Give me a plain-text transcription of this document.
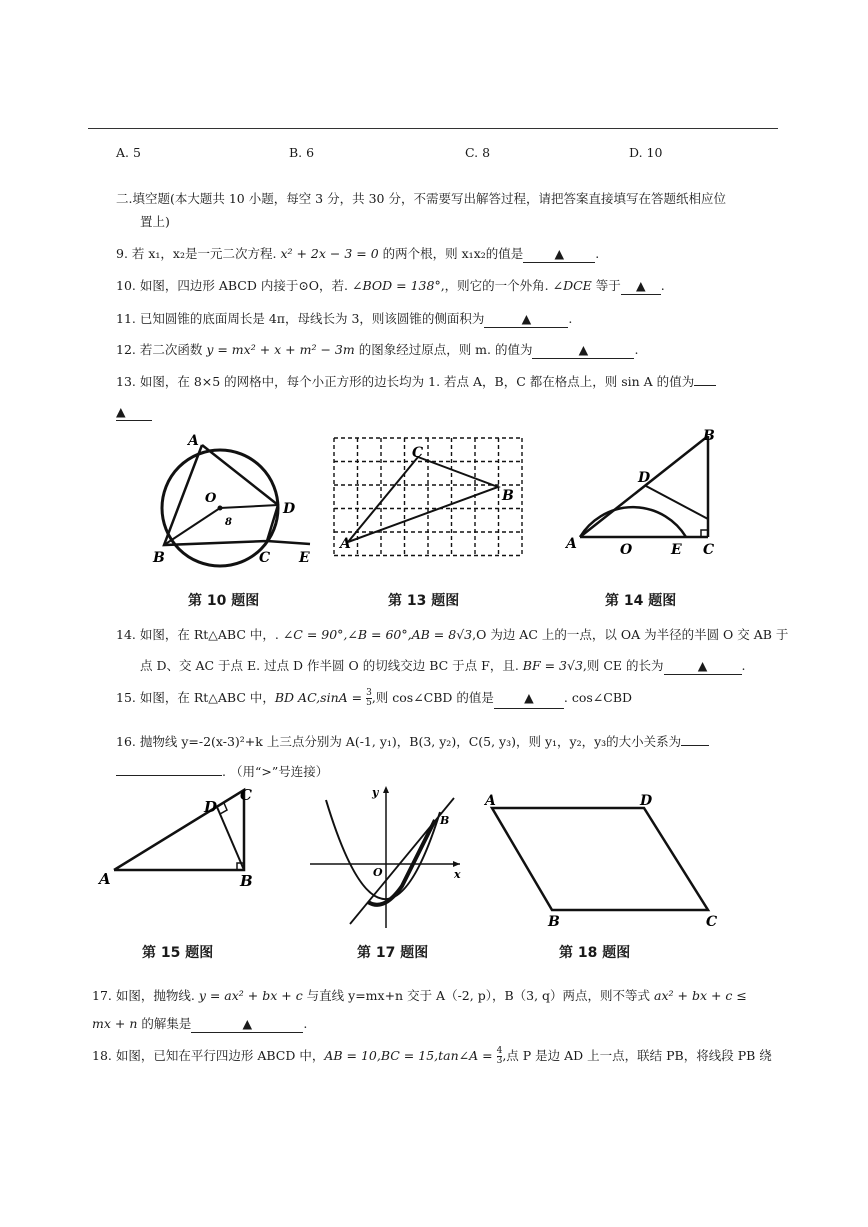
A. 5	B. 6	C. 8	D. 10
二.填空题(本大题共 10 小题，每空 3 分，共 30 分，不需要写出解答过程，请把答案直接填写在答题纸相应位
置上)
9. 若 x₁，x₂是一元二次方程. x² + 2x − 3 = 0 的两个根，则 x₁x₂的值是 ▲ .
10. 如图，四边形 ABCD 内接于⊙O，若. ∠BOD = 138°,，则它的一个外角. ∠DCE 等于 ▲ .
11. 已知圆锥的底面周长是 4π，母线长为 3，则该圆锥的侧面积为	▲	.
12. 若二次函数 y = mx² + x + m² − 3m 的图象经过原点，则 m. 的值为	▲	.
13. 如图，在 8×5 的网格中，每个小正方形的边长均为 1. 若点 A，B，C 都在格点上，则 sin A 的值为
▲
A
O
D
B	C E
8
第 10 题图
C
B
A
第 13 题图
B
D
A	O	E C
第 14 题图
14. 如图，在 Rt△ABC 中，. ∠C = 90°,∠B = 60°,AB = 8√3,O 为边 AC 上的一点，以 OA 为半径的半圆 O 交 AB 于
点 D、交 AC 于点 E. 过点 D 作半圆 O 的切线交边 BC 于点 F，且. BF = 3√3,则 CE 的长为	▲	.
15. 如图，在 Rt△ABC 中，BD $AC,\sin A = \frac{3}{5}$ ,则 cos∠CBD 的值是 ▲ . cos∠CBD
16. 抛物线 y=-2(x-3)²+k 上三点分别为 A(-1, y₁)，B(3, y₂)，C(5, y₃)，则 y₁，y₂，y₃的大小关系为
. （用“>”号连接）
D
C
A	B
第 15 题图
y
B
O	x
第 17 题图
A	D
B	C
第 18 题图
17. 如图，抛物线. y = ax² + bx + c 与直线 y=mx+n 交于 A（-2, p），B（3, q）两点，则不等式 ax² + bx + c ≤
mx + n 的解集是	▲	.
18. 如图，已知在平行四边形 ABCD 中，AB = 10,BC = 15,tan∠A = $\frac{4}{3}$ ,点 P 是边 AD 上一点，联结 PB，将线段 PB 绕
